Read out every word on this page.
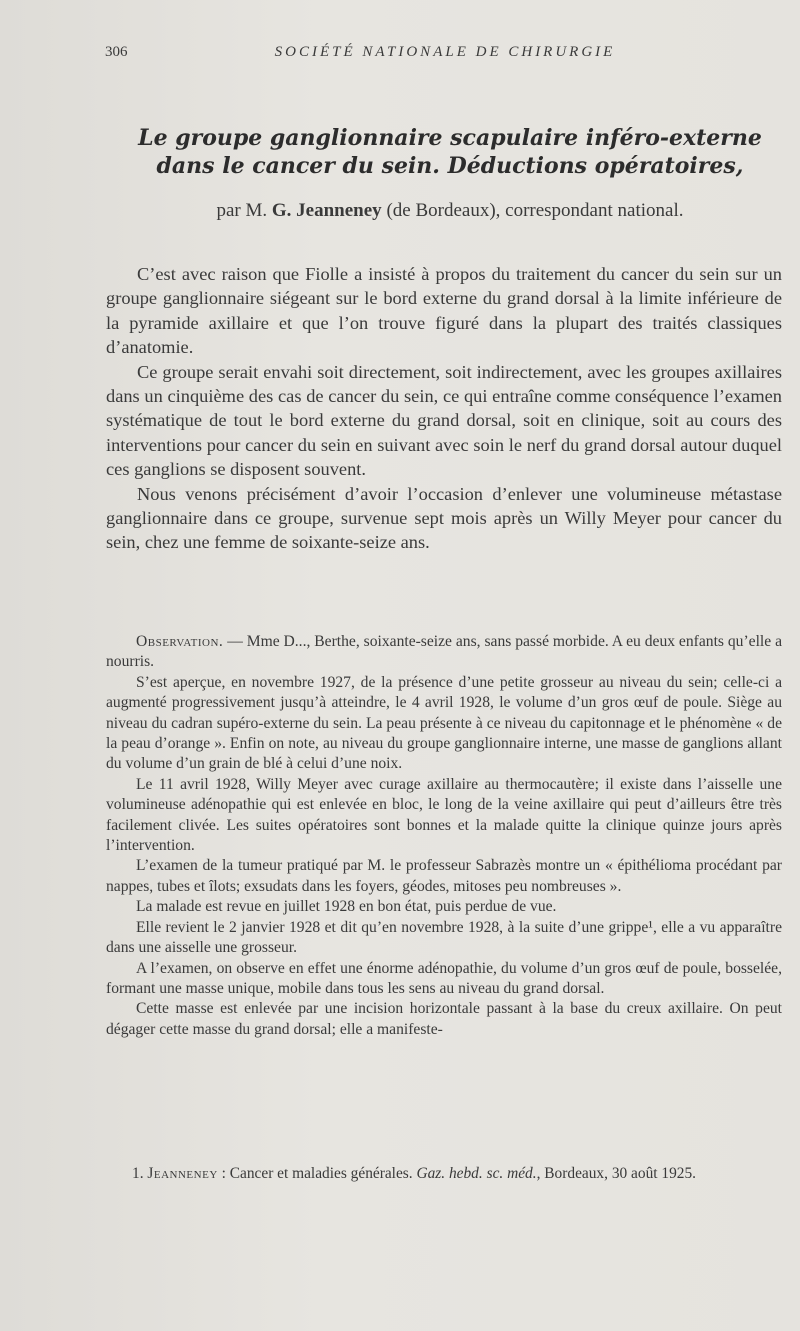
306	SOCIÉTÉ NATIONALE DE CHIRURGIE
Le groupe ganglionnaire scapulaire inféro-externe
dans le cancer du sein. Déductions opératoires,
par M. G. Jeanneney (de Bordeaux), correspondant national.

C’est avec raison que Fiolle a insisté à propos du traitement du cancer du sein sur un groupe ganglionnaire siégeant sur le bord externe du grand dorsal à la limite inférieure de la pyramide axillaire et que l’on trouve figuré dans la plupart des traités classiques d’anatomie.

Ce groupe serait envahi soit directement, soit indirectement, avec les groupes axillaires dans un cinquième des cas de cancer du sein, ce qui entraîne comme conséquence l’examen systématique de tout le bord externe du grand dorsal, soit en clinique, soit au cours des interventions pour cancer du sein en suivant avec soin le nerf du grand dorsal autour duquel ces ganglions se disposent souvent.

Nous venons précisément d’avoir l’occasion d’enlever une volumineuse métastase ganglionnaire dans ce groupe, survenue sept mois après un Willy Meyer pour cancer du sein, chez une femme de soixante-seize ans.

Observation. — Mme D..., Berthe, soixante-seize ans, sans passé morbide. A eu deux enfants qu’elle a nourris.

S’est aperçue, en novembre 1927, de la présence d’une petite grosseur au niveau du sein; celle-ci a augmenté progressivement jusqu’à atteindre, le 4 avril 1928, le volume d’un gros œuf de poule. Siège au niveau du cadran supéro-externe du sein. La peau présente à ce niveau du capitonnage et le phénomène « de la peau d’orange ». Enfin on note, au niveau du groupe ganglionnaire interne, une masse de ganglions allant du volume d’un grain de blé à celui d’une noix.

Le 11 avril 1928, Willy Meyer avec curage axillaire au thermocautère; il existe dans l’aisselle une volumineuse adénopathie qui est enlevée en bloc, le long de la veine axillaire qui peut d’ailleurs être très facilement clivée. Les suites opératoires sont bonnes et la malade quitte la clinique quinze jours après l’intervention.

L’examen de la tumeur pratiqué par M. le professeur Sabrazès montre un « épithélioma procédant par nappes, tubes et îlots; exsudats dans les foyers, géodes, mitoses peu nombreuses ».

La malade est revue en juillet 1928 en bon état, puis perdue de vue.

Elle revient le 2 janvier 1928 et dit qu’en novembre 1928, à la suite d’une grippe¹, elle a vu apparaître dans une aisselle une grosseur.

A l’examen, on observe en effet une énorme adénopathie, du volume d’un gros œuf de poule, bosselée, formant une masse unique, mobile dans tous les sens au niveau du grand dorsal.

Cette masse est enlevée par une incision horizontale passant à la base du creux axillaire. On peut dégager cette masse du grand dorsal; elle a manifeste-

1. Jeanneney : Cancer et maladies générales. Gaz. hebd. sc. méd., Bordeaux, 30 août 1925.
